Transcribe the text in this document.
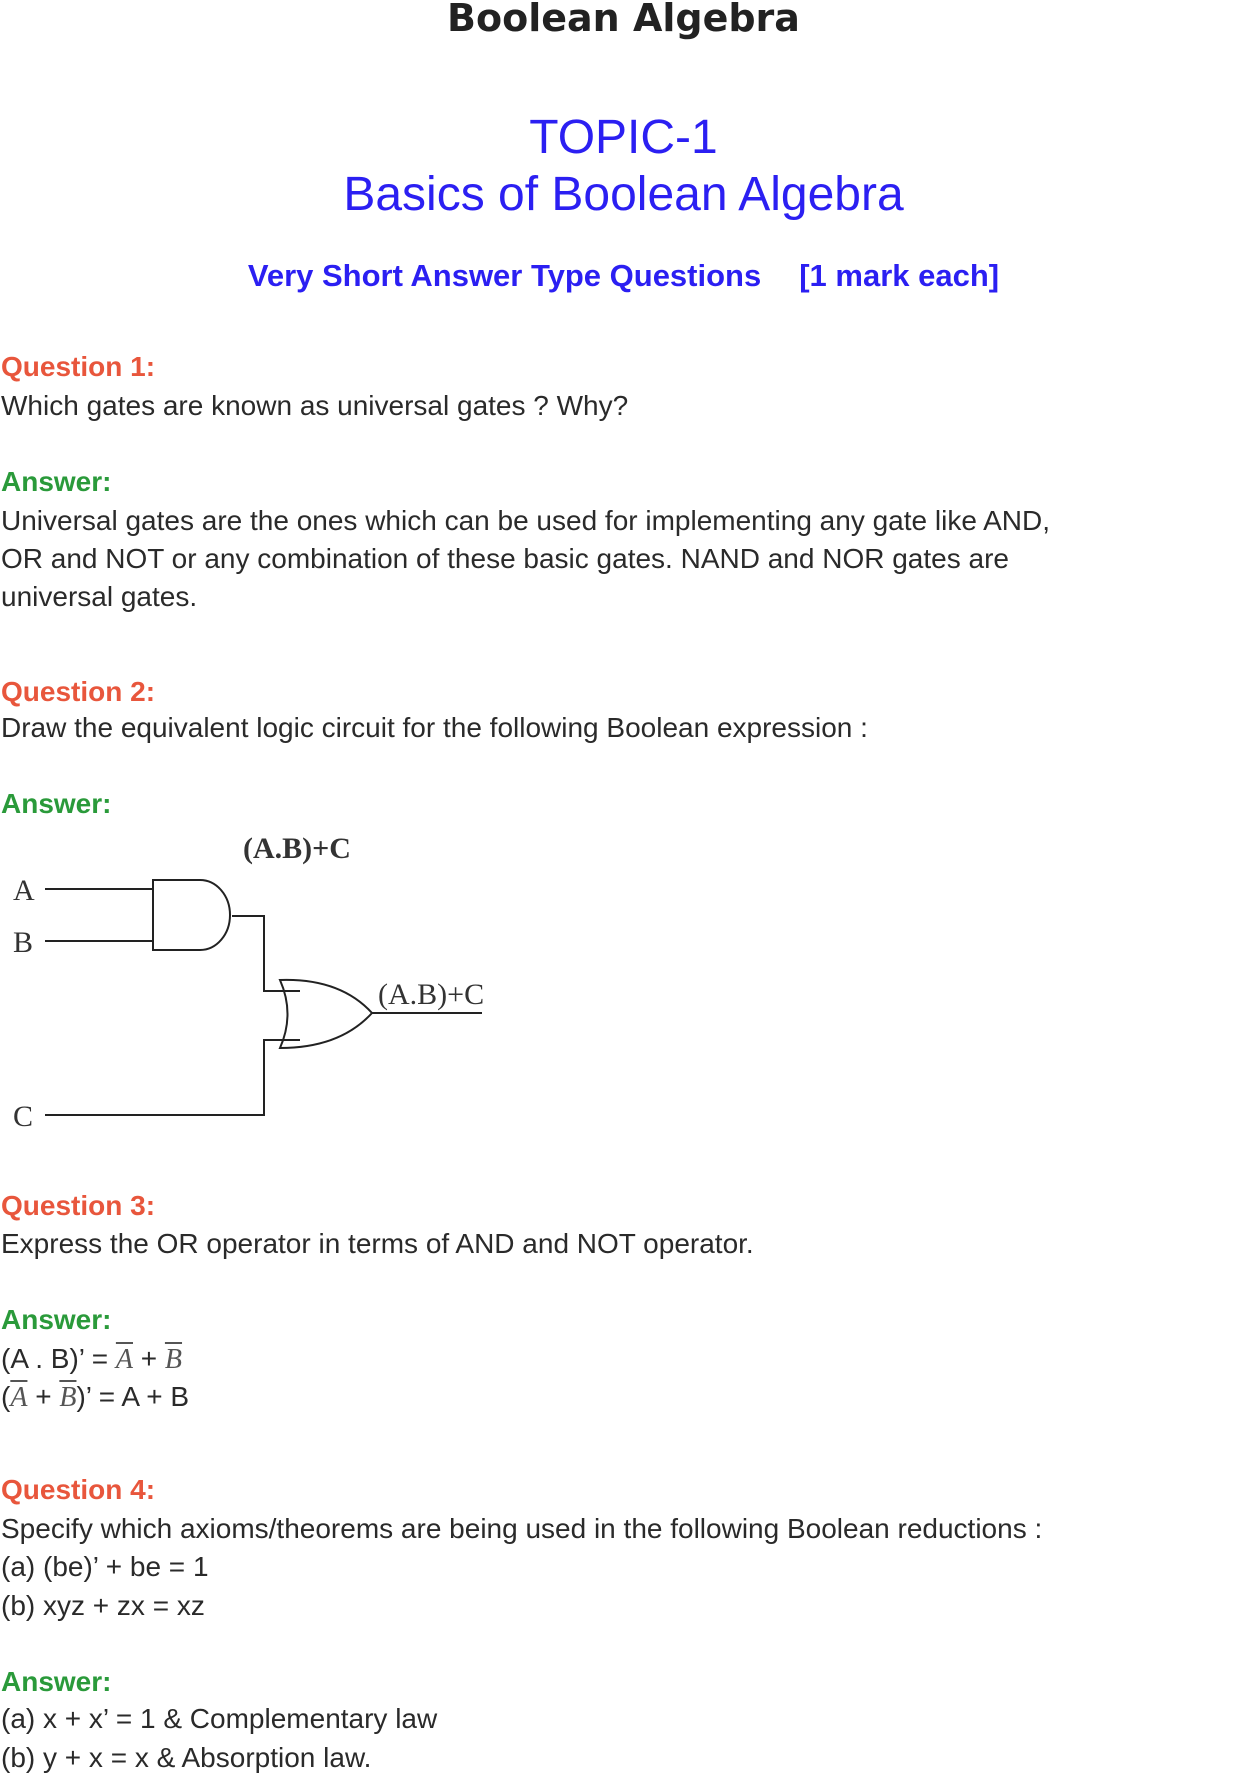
Boolean Algebra
TOPIC-1
Basics of Boolean Algebra
Very Short Answer Type Questions [1 mark each]
Question 1:
Which gates are known as universal gates ? Why?
Answer:
Universal gates are the ones which can be used for implementing any gate like AND,
OR and NOT or any combination of these basic gates. NAND and NOR gates are
universal gates.
Question 2:
Draw the equivalent logic circuit for the following Boolean expression :
Answer:
(A.B)+C
A
B
C
(A.B)+C
Question 3:
Express the OR operator in terms of AND and NOT operator.
Answer:
(A . B)’ = $\overline{A} + \overline{B}$
$(\overline{A} + \overline{B})$’ = A + B
Question 4:
Specify which axioms/theorems are being used in the following Boolean reductions :
(a) (be)’ + be = 1
(b) xyz + zx = xz
Answer:
(a) x + x’ = 1 & Complementary law
(b) y + x = x & Absorption law.
